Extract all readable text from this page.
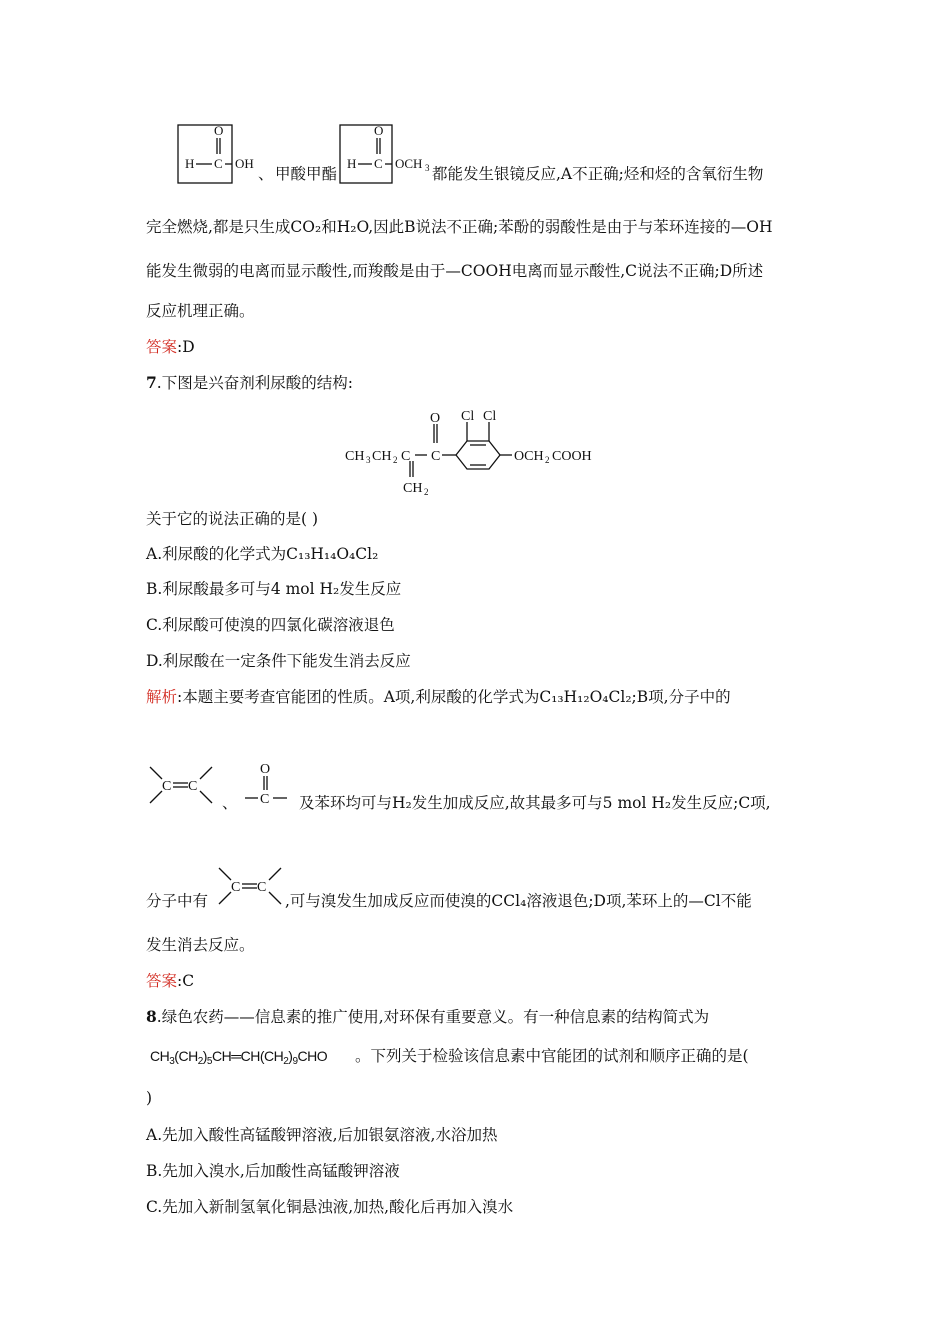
O
H C OH
、 甲酸甲酯
O
H C OCH 3 都能发生银镜反应,A不正确;烃和烃的含氧衍生物
完全燃烧,都是只生成CO₂和H₂O,因此B说法不正确;苯酚的弱酸性是由于与苯环连接的—OH
能发生微弱的电离而显示酸性,而羧酸是由于—COOH电离而显示酸性,C说法不正确;D所述
反应机理正确。
答案:D
7.下图是兴奋剂利尿酸的结构:
CH 3 CH 2 C
O
C
Cl Cl
OCH 2 COOH
CH 2
关于它的说法正确的是( )
A.利尿酸的化学式为C₁₃H₁₄O₄Cl₂
B.利尿酸最多可与4 mol H₂发生反应
C.利尿酸可使溴的四氯化碳溶液退色
D.利尿酸在一定条件下能发生消去反应
解析:本题主要考查官能团的性质。A项,利尿酸的化学式为C₁₃H₁₂O₄Cl₂;B项,分子中的
C C
、
O
C 及苯环均可与H₂发生加成反应,故其最多可与5 mol H₂发生反应;C项,
分子中有
C C
,可与溴发生加成反应而使溴的CCl₄溶液退色;D项,苯环上的—Cl不能
发生消去反应。
答案:C
8.绿色农药——信息素的推广使用,对环保有重要意义。有一种信息素的结构简式为
$CH_3(CH_2)_5CH═CH(CH_2)_9CHO$ 。下列关于检验该信息素中官能团的试剂和顺序正确的是(
)
A.先加入酸性高锰酸钾溶液,后加银氨溶液,水浴加热
B.先加入溴水,后加酸性高锰酸钾溶液
C.先加入新制氢氧化铜悬浊液,加热,酸化后再加入溴水
